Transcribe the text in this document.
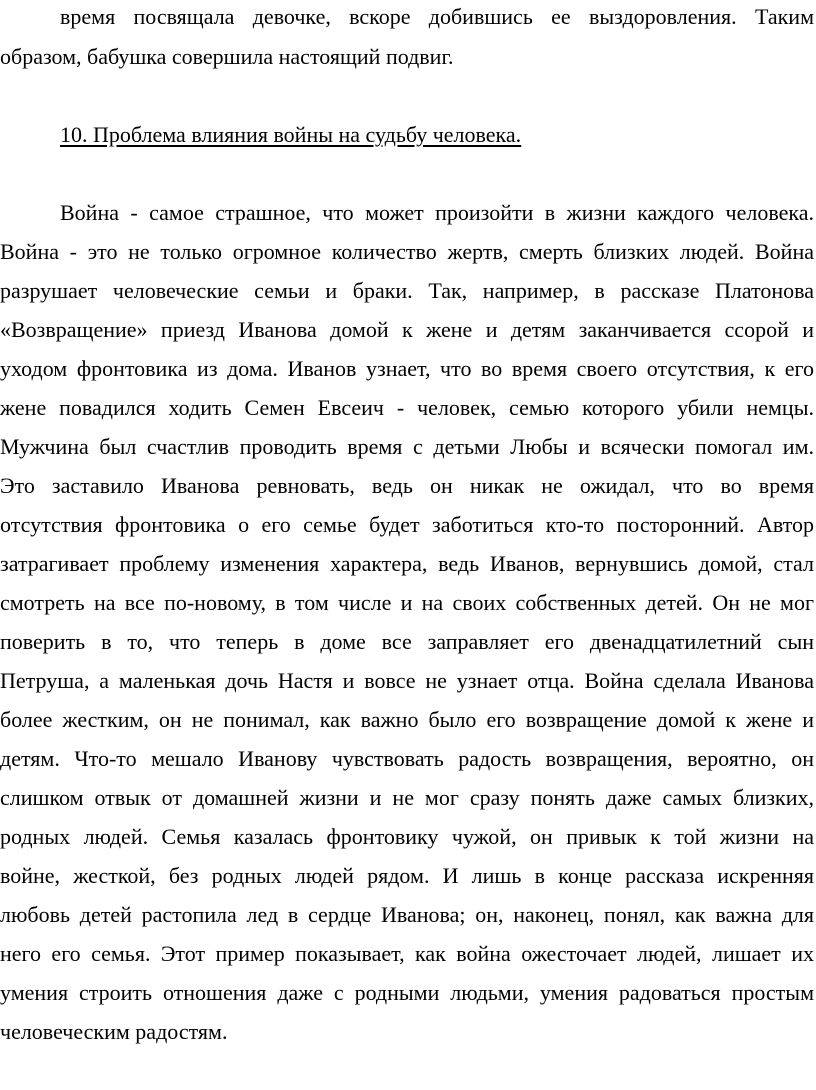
время посвящала девочке, вскоре добившись ее выздоровления. Таким
образом, бабушка совершила настоящий подвиг.
10. Проблема влияния войны на судьбу человека.
Война - самое страшное, что может произойти в жизни каждого человека.
Война - это не только огромное количество жертв, смерть близких людей. Война
разрушает человеческие семьи и браки. Так, например, в рассказе Платонова
«Возвращение» приезд Иванова домой к жене и детям заканчивается ссорой и
уходом фронтовика из дома. Иванов узнает, что во время своего отсутствия, к его
жене повадился ходить Семен Евсеич - человек, семью которого убили немцы.
Мужчина был счастлив проводить время с детьми Любы и всячески помогал им.
Это заставило Иванова ревновать, ведь он никак не ожидал, что во время
отсутствия фронтовика о его семье будет заботиться кто-то посторонний. Автор
затрагивает проблему изменения характера, ведь Иванов, вернувшись домой, стал
смотреть на все по-новому, в том числе и на своих собственных детей. Он не мог
поверить в то, что теперь в доме все заправляет его двенадцатилетний сын
Петруша, а маленькая дочь Настя и вовсе не узнает отца. Война сделала Иванова
более жестким, он не понимал, как важно было его возвращение домой к жене и
детям. Что-то мешало Иванову чувствовать радость возвращения, вероятно, он
слишком отвык от домашней жизни и не мог сразу понять даже самых близких,
родных людей. Семья казалась фронтовику чужой, он привык к той жизни на
войне, жесткой, без родных людей рядом. И лишь в конце рассказа искренняя
любовь детей растопила лед в сердце Иванова; он, наконец, понял, как важна для
него его семья. Этот пример показывает, как война ожесточает людей, лишает их
умения строить отношения даже с родными людьми, умения радоваться простым
человеческим радостям.
